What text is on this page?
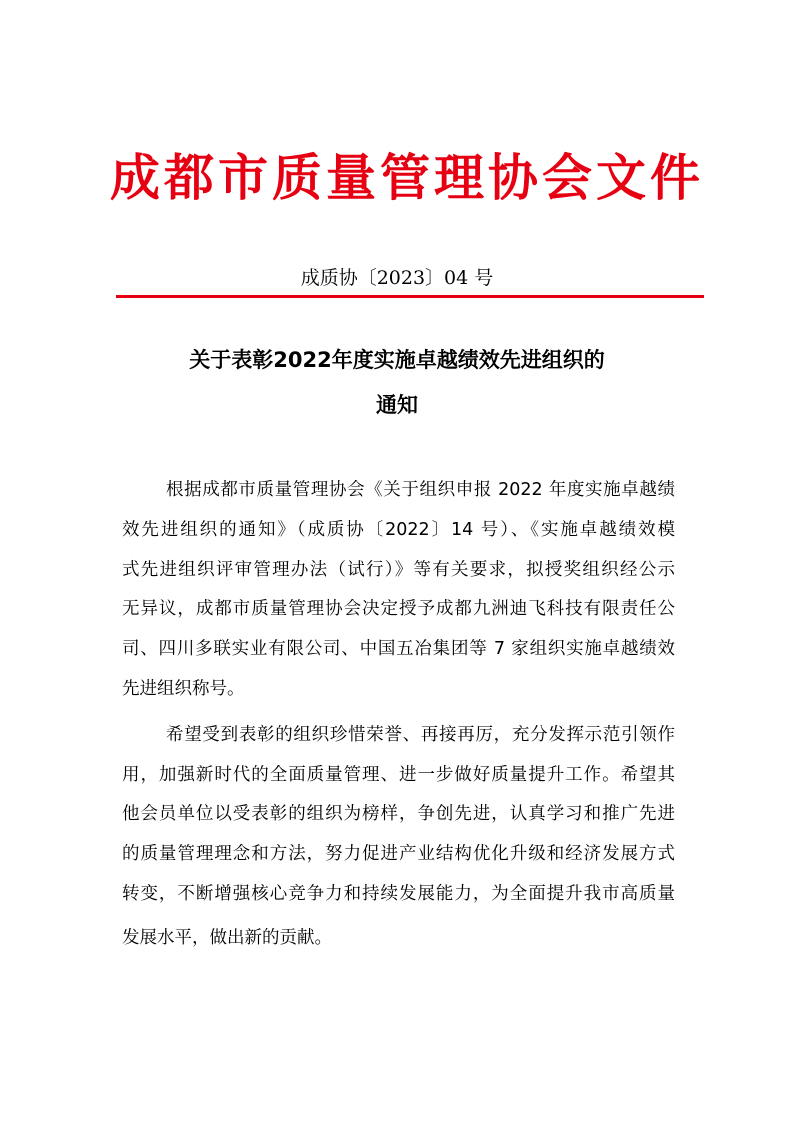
成都市质量管理协会文件
成质协〔2023〕04 号
关于表彰2022年度实施卓越绩效先进组织的
通知
根据成都市质量管理协会《关于组织申报 2022 年度实施卓越绩
效先进组织的通知》（成质协〔2022〕14 号）、《实施卓越绩效模
式先进组织评审管理办法（试行）》等有关要求，拟授奖组织经公示
无异议，成都市质量管理协会决定授予成都九洲迪飞科技有限责任公
司、四川多联实业有限公司、中国五冶集团等 7 家组织实施卓越绩效
先进组织称号。
希望受到表彰的组织珍惜荣誉、再接再厉，充分发挥示范引领作
用，加强新时代的全面质量管理、进一步做好质量提升工作。希望其
他会员单位以受表彰的组织为榜样，争创先进，认真学习和推广先进
的质量管理理念和方法，努力促进产业结构优化升级和经济发展方式
转变，不断增强核心竞争力和持续发展能力，为全面提升我市高质量
发展水平，做出新的贡献。
